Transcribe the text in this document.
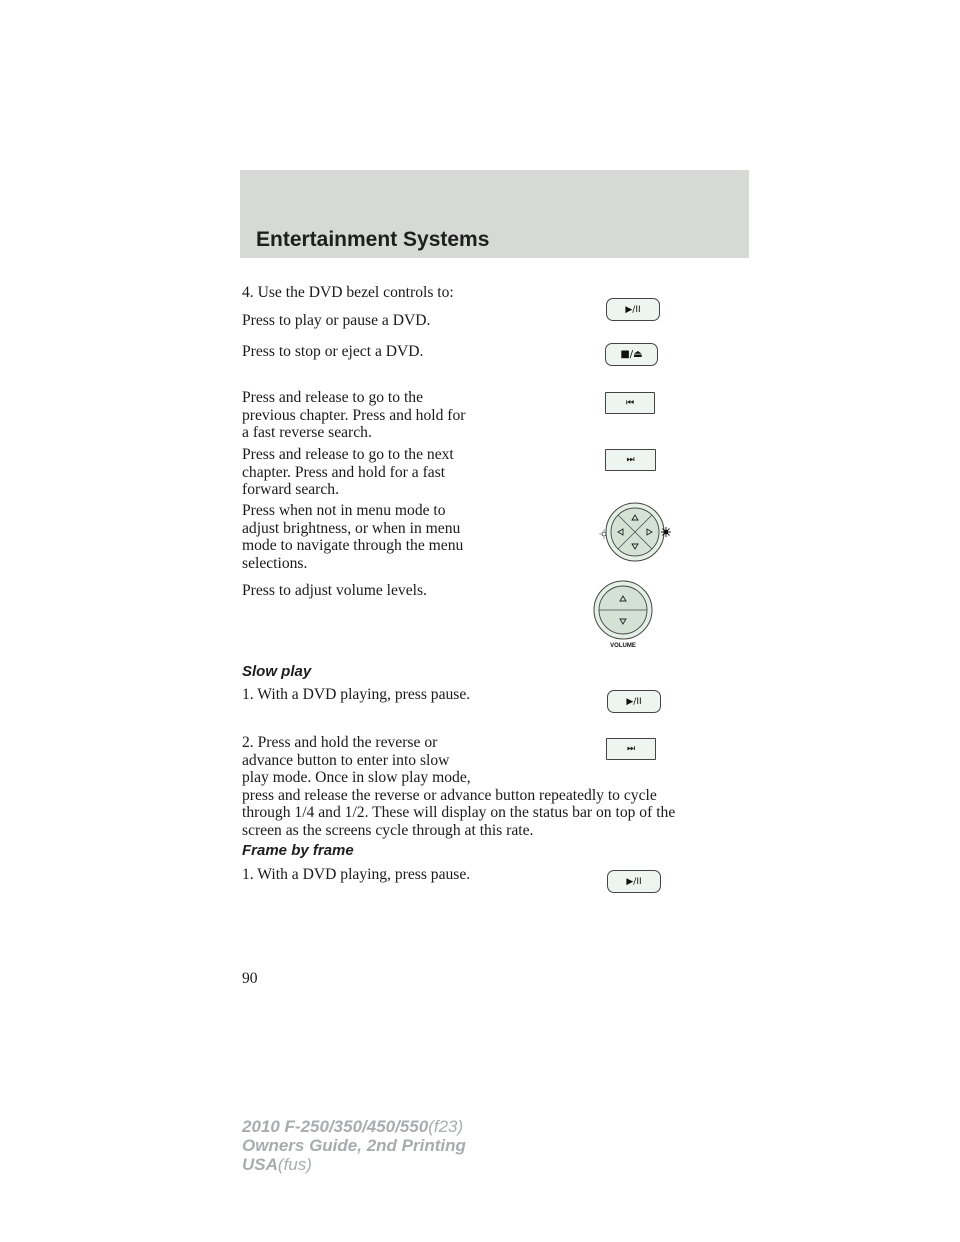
Entertainment Systems
4. Use the DVD bezel controls to:
Press to play or pause a DVD.
▶/II
Press to stop or eject a DVD.	■/⏏
Press and release to go to the
previous chapter. Press and hold for
a fast reverse search.
⏮
Press and release to go to the next
chapter. Press and hold for a fast
forward search.
⏭
Press when not in menu mode to
adjust brightness, or when in menu
mode to navigate through the menu
selections.
Press to adjust volume levels.
VOLUME
Slow play
1. With a DVD playing, press pause.	▶/II
2. Press and hold the reverse or
advance button to enter into slow
play mode. Once in slow play mode,
press and release the reverse or advance button repeatedly to cycle
through 1/4 and 1/2. These will display on the status bar on top of the
screen as the screens cycle through at this rate.
⏭
Frame by frame
1. With a DVD playing, press pause.	▶/II
90
2010 F-250/350/450/550(f23)
Owners Guide, 2nd Printing
USA(fus)
